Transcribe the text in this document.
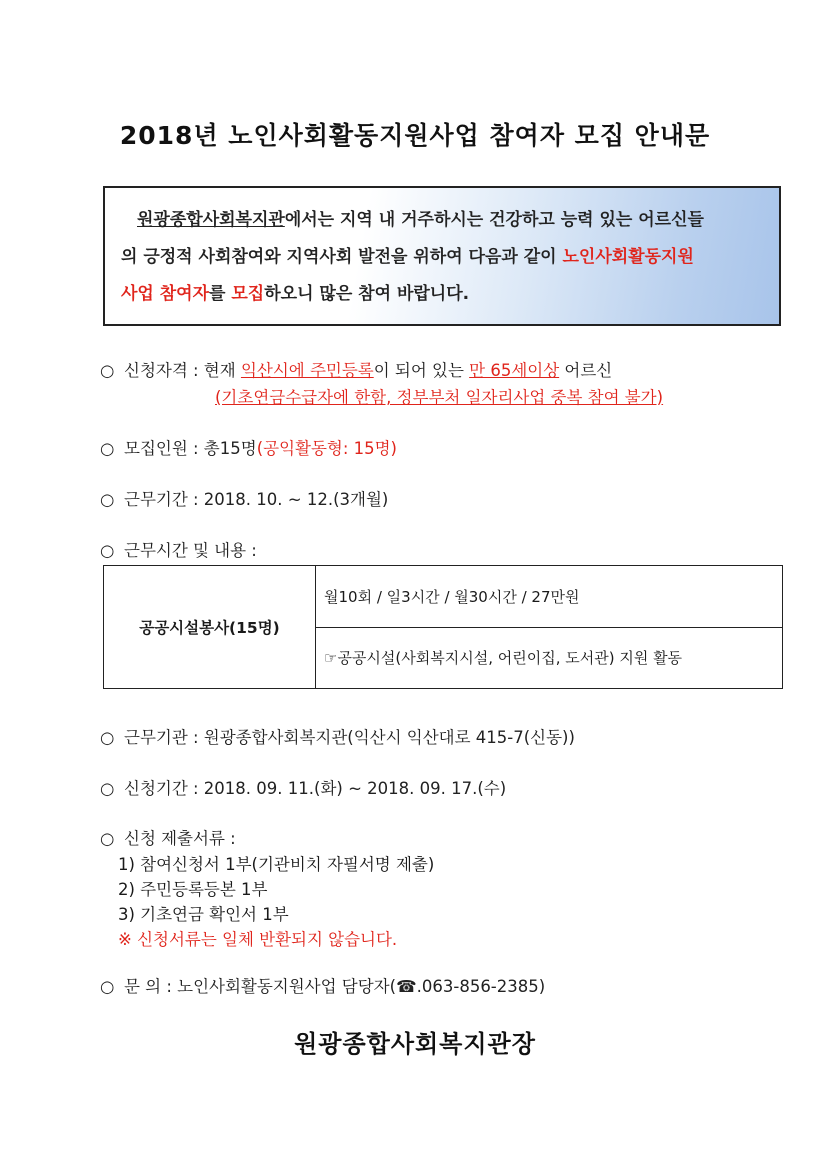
2018년 노인사회활동지원사업 참여자 모집 안내문
원광종합사회복지관에서는 지역 내 거주하시는 건강하고 능력 있는 어르신들
의 긍정적 사회참여와 지역사회 발전을 위하여 다음과 같이 노인사회활동지원
사업 참여자를 모집하오니 많은 참여 바랍니다.
○ 신청자격 : 현재 익산시에 주민등록이 되어 있는 만 65세이상 어르신
(기초연금수급자에 한함, 정부부처 일자리사업 중복 참여 불가)
○ 모집인원 : 총15명(공익활동형: 15명)
○ 근무기간 : 2018. 10. ~ 12.(3개월)
○ 근무시간 및 내용 :
공공시설봉사(15명)	월10회 / 일3시간 / 월30시간 / 27만원
☞공공시설(사회복지시설, 어린이집, 도서관) 지원 활동
○ 근무기관 : 원광종합사회복지관(익산시 익산대로 415-7(신동))
○ 신청기간 : 2018. 09. 11.(화) ~ 2018. 09. 17.(수)
○ 신청 제출서류 :
1) 참여신청서 1부(기관비치 자필서명 제출)
2) 주민등록등본 1부
3) 기초연금 확인서 1부
※ 신청서류는 일체 반환되지 않습니다.
○ 문 의 : 노인사회활동지원사업 담당자(☎.063-856-2385)
원광종합사회복지관장
